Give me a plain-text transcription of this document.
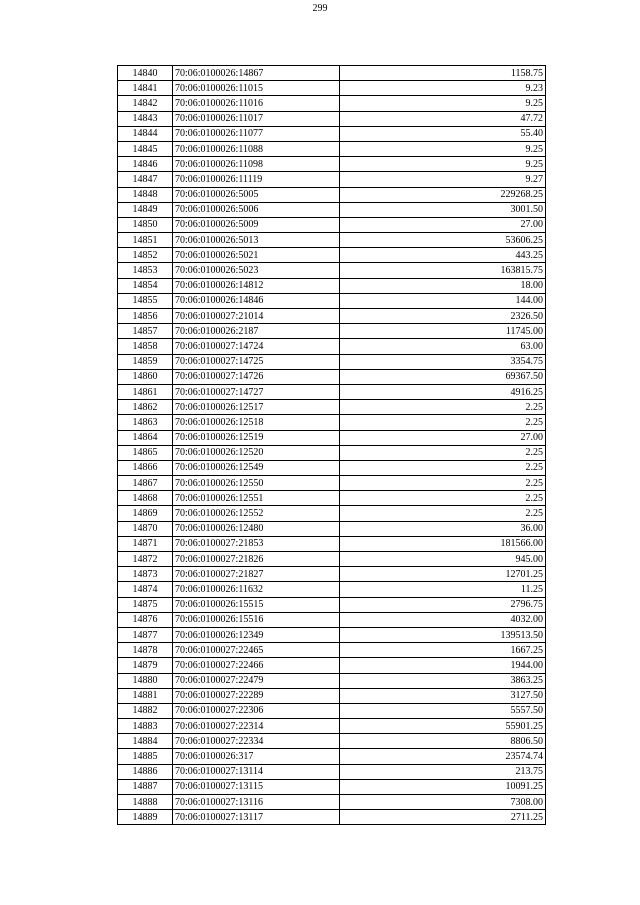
299
14840	70:06:0100026:14867	1158.75
14841	70:06:0100026:11015	9.23
14842	70:06:0100026:11016	9.25
14843	70:06:0100026:11017	47.72
14844	70:06:0100026:11077	55.40
14845	70:06:0100026:11088	9.25
14846	70:06:0100026:11098	9.25
14847	70:06:0100026:11119	9.27
14848	70:06:0100026:5005	229268.25
14849	70:06:0100026:5006	3001.50
14850	70:06:0100026:5009	27.00
14851	70:06:0100026:5013	53606.25
14852	70:06:0100026:5021	443.25
14853	70:06:0100026:5023	163815.75
14854	70:06:0100026:14812	18.00
14855	70:06:0100026:14846	144.00
14856	70:06:0100027:21014	2326.50
14857	70:06:0100026:2187	11745.00
14858	70:06:0100027:14724	63.00
14859	70:06:0100027:14725	3354.75
14860	70:06:0100027:14726	69367.50
14861	70:06:0100027:14727	4916.25
14862	70:06:0100026:12517	2.25
14863	70:06:0100026:12518	2.25
14864	70:06:0100026:12519	27.00
14865	70:06:0100026:12520	2.25
14866	70:06:0100026:12549	2.25
14867	70:06:0100026:12550	2.25
14868	70:06:0100026:12551	2.25
14869	70:06:0100026:12552	2.25
14870	70:06:0100026:12480	36.00
14871	70:06:0100027:21853	181566.00
14872	70:06:0100027:21826	945.00
14873	70:06:0100027:21827	12701.25
14874	70:06:0100026:11632	11.25
14875	70:06:0100026:15515	2796.75
14876	70:06:0100026:15516	4032.00
14877	70:06:0100026:12349	139513.50
14878	70:06:0100027:22465	1667.25
14879	70:06:0100027:22466	1944.00
14880	70:06:0100027:22479	3863.25
14881	70:06:0100027:22289	3127.50
14882	70:06:0100027:22306	5557.50
14883	70:06:0100027:22314	55901.25
14884	70:06:0100027:22334	8806.50
14885	70:06:0100026:317	23574.74
14886	70:06:0100027:13114	213.75
14887	70:06:0100027:13115	10091.25
14888	70:06:0100027:13116	7308.00
14889	70:06:0100027:13117	2711.25
